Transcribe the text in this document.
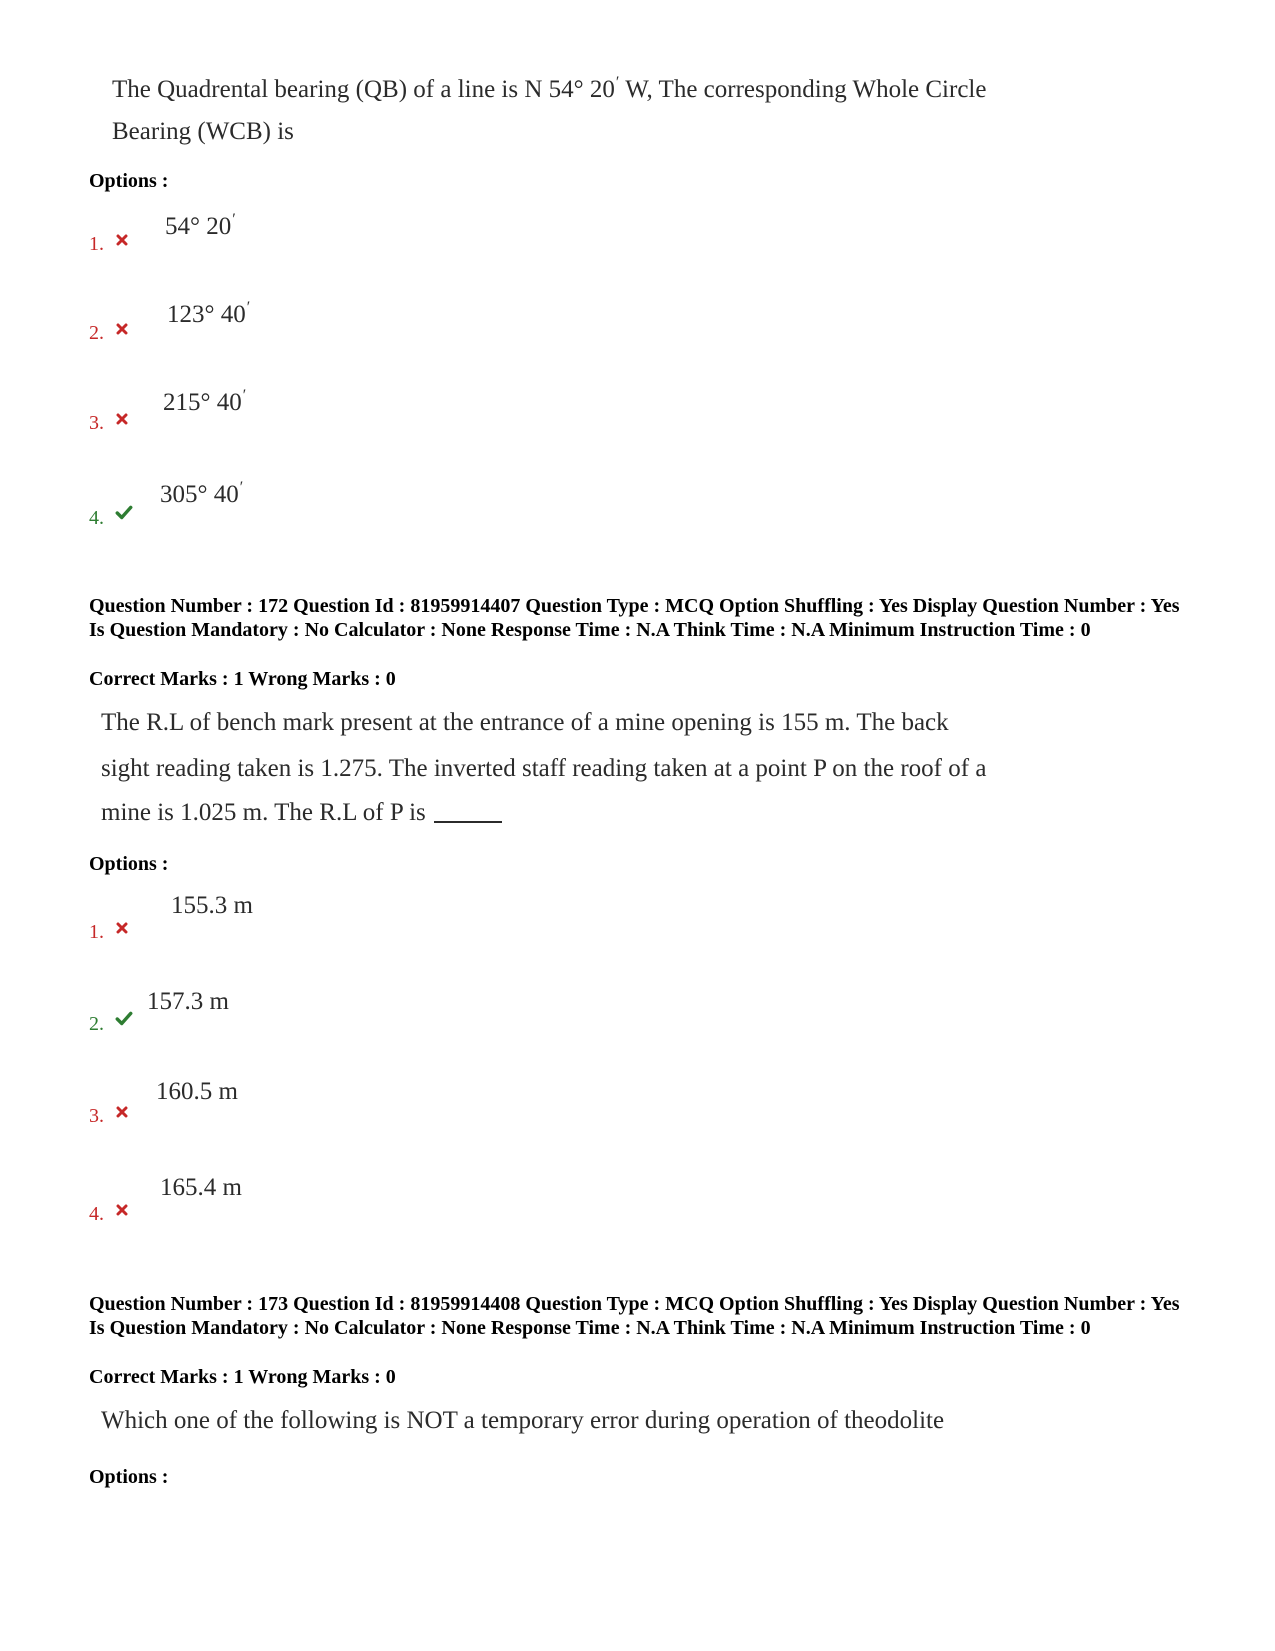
The Quadrental bearing (QB) of a line is N 54° 20′ W, The corresponding Whole Circle
Bearing (WCB) is
Options :
54° 20′
1.
123° 40′
2.
215° 40′
3.
305° 40′
4.
Question Number : 172 Question Id : 81959914407 Question Type : MCQ Option Shuffling : Yes Display Question Number : Yes Is Question Mandatory : No Calculator : None Response Time : N.A Think Time : N.A Minimum Instruction Time : 0
Correct Marks : 1 Wrong Marks : 0
The R.L of bench mark present at the entrance of a mine opening is 155 m. The back
sight reading taken is 1.275. The inverted staff reading taken at a point P on the roof of a
mine is 1.025 m. The R.L of P is
Options :
155.3 m
1.
157.3 m
2.
160.5 m
3.
165.4 m
4.
Question Number : 173 Question Id : 81959914408 Question Type : MCQ Option Shuffling : Yes Display Question Number : Yes Is Question Mandatory : No Calculator : None Response Time : N.A Think Time : N.A Minimum Instruction Time : 0
Correct Marks : 1 Wrong Marks : 0
Which one of the following is NOT a temporary error during operation of theodolite
Options :
